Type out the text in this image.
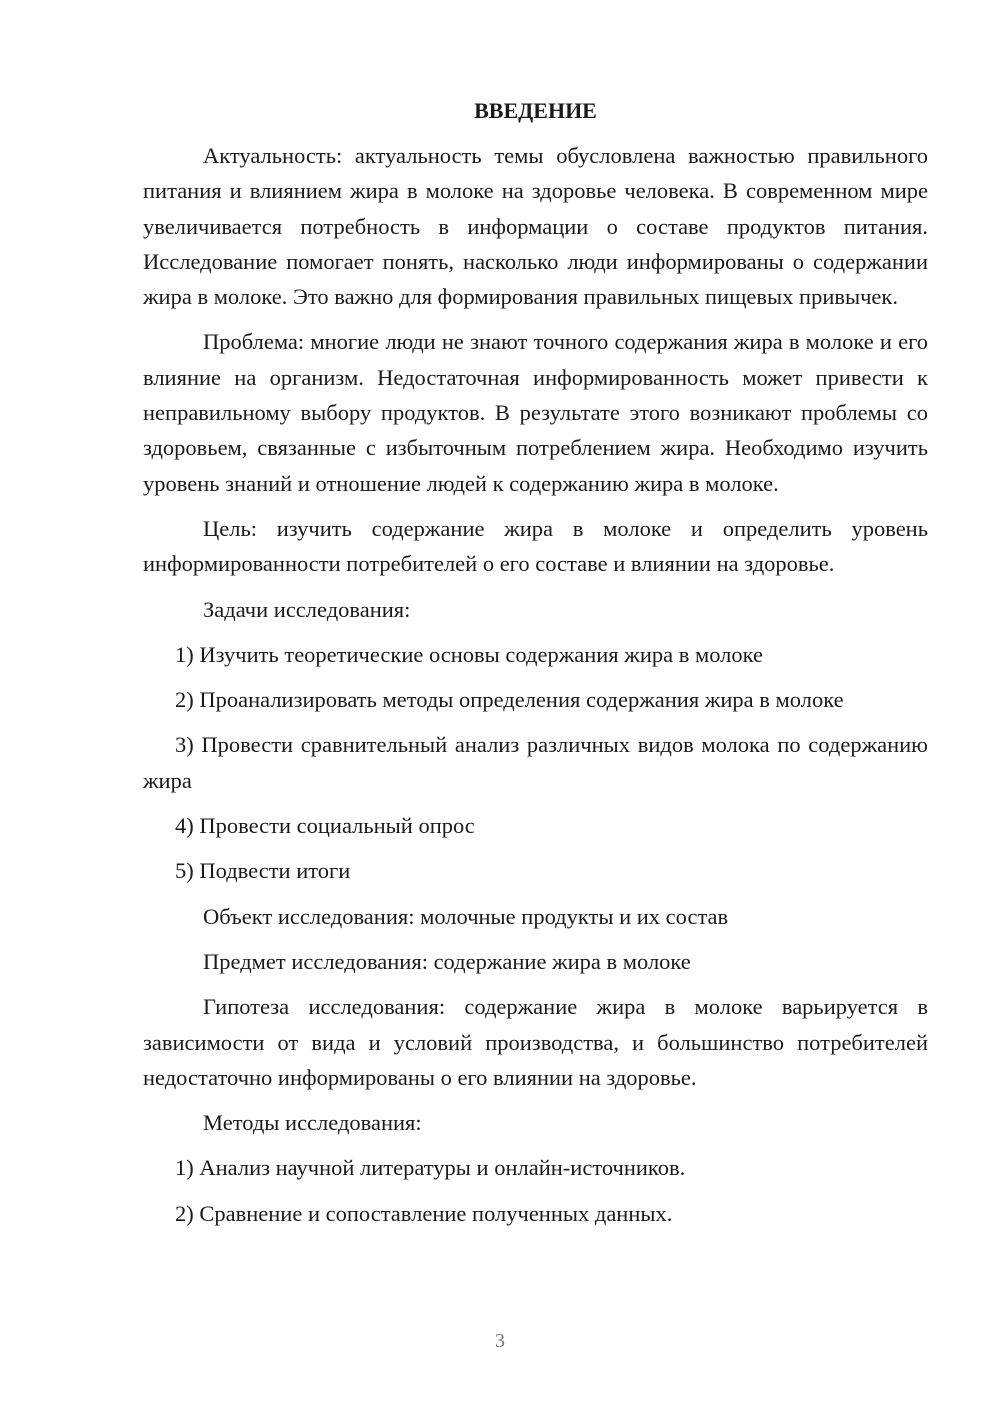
ВВЕДЕНИЕ

Актуальность: актуальность темы обусловлена важностью правильного питания и влиянием жира в молоке на здоровье человека. В современном мире увеличивается потребность в информации о составе продуктов питания. Исследование помогает понять, насколько люди информированы о содержании жира в молоке. Это важно для формирования правильных пищевых привычек.

Проблема: многие люди не знают точного содержания жира в молоке и его влияние на организм. Недостаточная информированность может привести к неправильному выбору продуктов. В результате этого возникают проблемы со здоровьем, связанные с избыточным потреблением жира. Необходимо изучить уровень знаний и отношение людей к содержанию жира в молоке.

Цель: изучить содержание жира в молоке и определить уровень информированности потребителей о его составе и влиянии на здоровье.

Задачи исследования:

1) Изучить теоретические основы содержания жира в молоке

2) Проанализировать методы определения содержания жира в молоке

3) Провести сравнительный анализ различных видов молока по содержанию жира

4) Провести социальный опрос

5) Подвести итоги

Объект исследования: молочные продукты и их состав

Предмет исследования: содержание жира в молоке

Гипотеза исследования: содержание жира в молоке варьируется в зависимости от вида и условий производства, и большинство потребителей недостаточно информированы о его влиянии на здоровье.

Методы исследования:

1) Анализ научной литературы и онлайн-источников.

2) Сравнение и сопоставление полученных данных.

3
